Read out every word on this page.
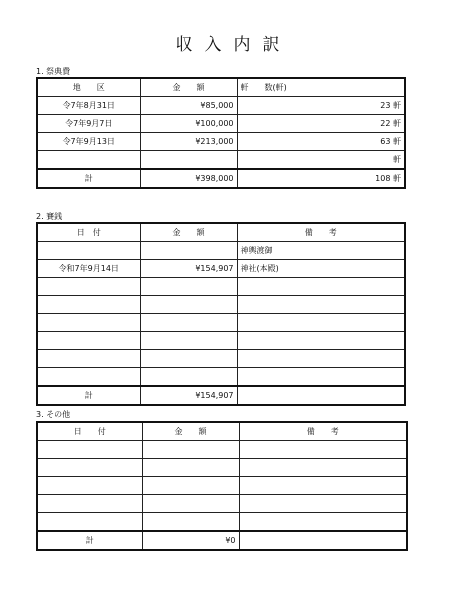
収入内訳
1. 祭典費
地　　区	金　　額	軒　　数(軒)
令7年8月31日	¥85,000	23 軒
令7年9月7日	¥100,000	22 軒
令7年9月13日	¥213,000	63 軒
		軒
計	¥398,000	108 軒
2. 賽銭
日　付	金　　額	備　　考
		神輿渡御
令和7年9月14日	¥154,907	神社(本殿)

計	¥154,907	
3. その他
日　　付	金　　額	備　　考

計	¥0	
